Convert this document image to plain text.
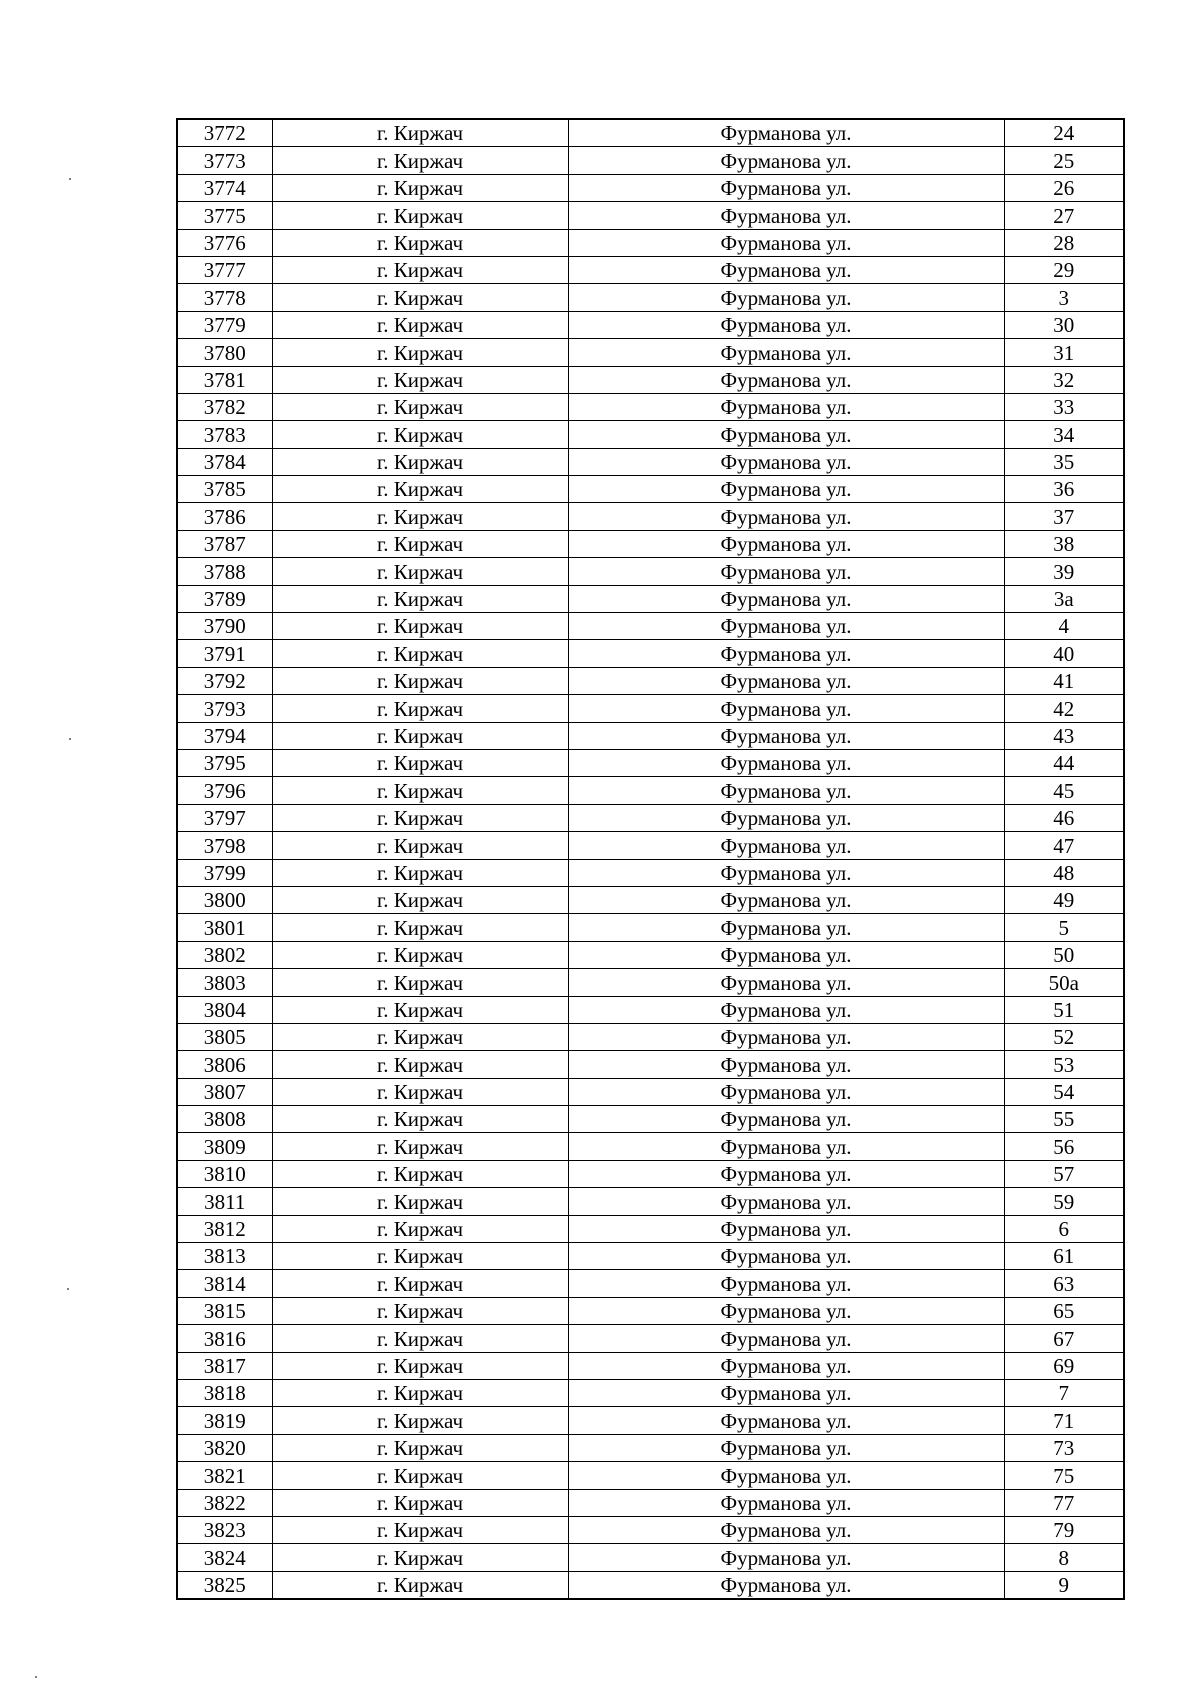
3772	г. Киржач	Фурманова ул.	24
3773	г. Киржач	Фурманова ул.	25
3774	г. Киржач	Фурманова ул.	26
3775	г. Киржач	Фурманова ул.	27
3776	г. Киржач	Фурманова ул.	28
3777	г. Киржач	Фурманова ул.	29
3778	г. Киржач	Фурманова ул.	3
3779	г. Киржач	Фурманова ул.	30
3780	г. Киржач	Фурманова ул.	31
3781	г. Киржач	Фурманова ул.	32
3782	г. Киржач	Фурманова ул.	33
3783	г. Киржач	Фурманова ул.	34
3784	г. Киржач	Фурманова ул.	35
3785	г. Киржач	Фурманова ул.	36
3786	г. Киржач	Фурманова ул.	37
3787	г. Киржач	Фурманова ул.	38
3788	г. Киржач	Фурманова ул.	39
3789	г. Киржач	Фурманова ул.	3а
3790	г. Киржач	Фурманова ул.	4
3791	г. Киржач	Фурманова ул.	40
3792	г. Киржач	Фурманова ул.	41
3793	г. Киржач	Фурманова ул.	42
3794	г. Киржач	Фурманова ул.	43
3795	г. Киржач	Фурманова ул.	44
3796	г. Киржач	Фурманова ул.	45
3797	г. Киржач	Фурманова ул.	46
3798	г. Киржач	Фурманова ул.	47
3799	г. Киржач	Фурманова ул.	48
3800	г. Киржач	Фурманова ул.	49
3801	г. Киржач	Фурманова ул.	5
3802	г. Киржач	Фурманова ул.	50
3803	г. Киржач	Фурманова ул.	50а
3804	г. Киржач	Фурманова ул.	51
3805	г. Киржач	Фурманова ул.	52
3806	г. Киржач	Фурманова ул.	53
3807	г. Киржач	Фурманова ул.	54
3808	г. Киржач	Фурманова ул.	55
3809	г. Киржач	Фурманова ул.	56
3810	г. Киржач	Фурманова ул.	57
3811	г. Киржач	Фурманова ул.	59
3812	г. Киржач	Фурманова ул.	6
3813	г. Киржач	Фурманова ул.	61
3814	г. Киржач	Фурманова ул.	63
3815	г. Киржач	Фурманова ул.	65
3816	г. Киржач	Фурманова ул.	67
3817	г. Киржач	Фурманова ул.	69
3818	г. Киржач	Фурманова ул.	7
3819	г. Киржач	Фурманова ул.	71
3820	г. Киржач	Фурманова ул.	73
3821	г. Киржач	Фурманова ул.	75
3822	г. Киржач	Фурманова ул.	77
3823	г. Киржач	Фурманова ул.	79
3824	г. Киржач	Фурманова ул.	8
3825	г. Киржач	Фурманова ул.	9
